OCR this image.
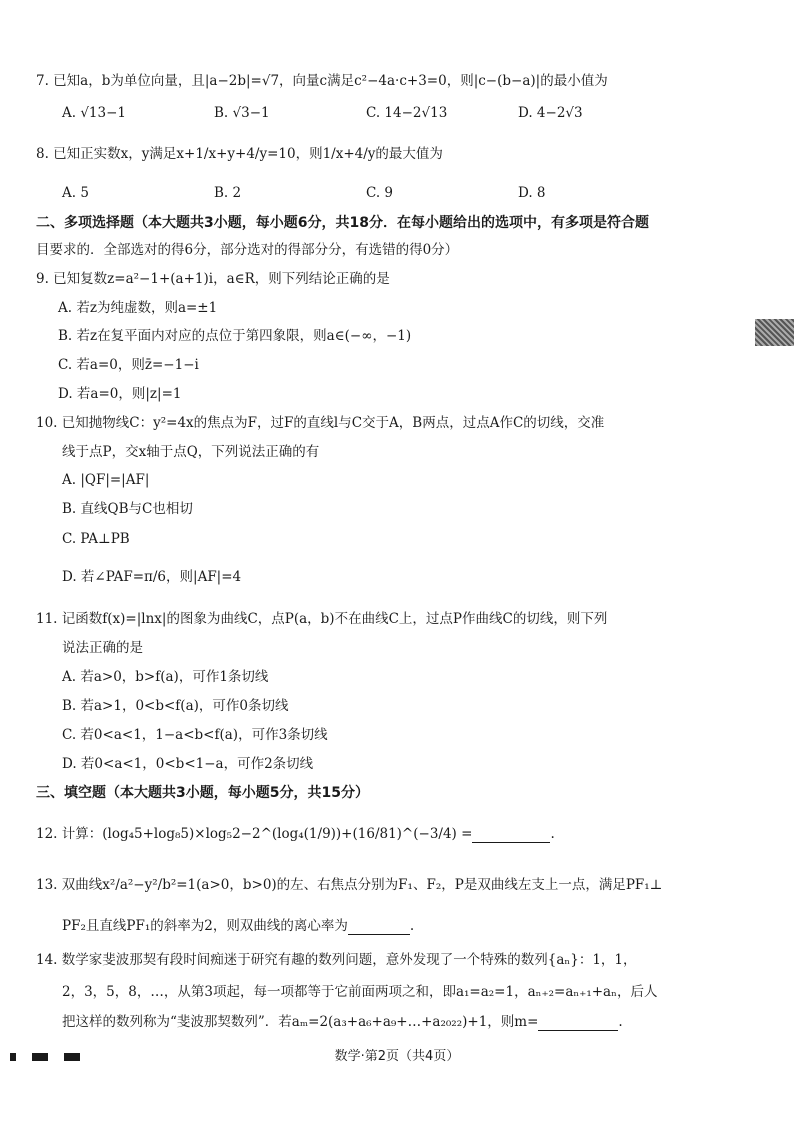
7. 已知a，b为单位向量，且|a−2b|=√7，向量c满足c²−4a·c+3=0，则|c−(b−a)|的最小值为
A. √13−1	B. √3−1	C. 14−2√13	D. 4−2√3
8. 已知正实数x，y满足x+1/x+y+4/y=10，则1/x+4/y的最大值为
A. 5	B. 2	C. 9	D. 8
二、多项选择题（本大题共3小题，每小题6分，共18分．在每小题给出的选项中，有多项是符合题
目要求的．全部选对的得6分，部分选对的得部分分，有选错的得0分）
9. 已知复数z=a²−1+(a+1)i，a∈R，则下列结论正确的是
A. 若z为纯虚数，则a=±1
B. 若z在复平面内对应的点位于第四象限，则a∈(−∞，−1)
C. 若a=0，则z̄=−1−i
D. 若a=0，则|z|=1
10. 已知抛物线C：y²=4x的焦点为F，过F的直线l与C交于A，B两点，过点A作C的切线，交准
线于点P，交x轴于点Q，下列说法正确的有
A. |QF|=|AF|
B. 直线QB与C也相切
C. PA⊥PB
D. 若∠PAF=π/6，则|AF|=4
11. 记函数f(x)=|lnx|的图象为曲线C，点P(a，b)不在曲线C上，过点P作曲线C的切线，则下列
说法正确的是
A. 若a>0，b>f(a)，可作1条切线
B. 若a>1，0<b<f(a)，可作0条切线
C. 若0<a<1，1−a<b<f(a)，可作3条切线
D. 若0<a<1，0<b<1−a，可作2条切线
三、填空题（本大题共3小题，每小题5分，共15分）
12. 计算：(log₄5+log₈5)×log₅2−2^(log₄(1/9))+(16/81)^(−3/4) =	.
13. 双曲线x²/a²−y²/b²=1(a>0，b>0)的左、右焦点分别为F₁、F₂，P是双曲线左支上一点，满足PF₁⊥
PF₂且直线PF₁的斜率为2，则双曲线的离心率为	.
14. 数学家斐波那契有段时间痴迷于研究有趣的数列问题，意外发现了一个特殊的数列{aₙ}：1，1，
2，3，5，8，…，从第3项起，每一项都等于它前面两项之和，即a₁=a₂=1，aₙ₊₂=aₙ₊₁+aₙ，后人
把这样的数列称为“斐波那契数列”．若aₘ=2(a₃+a₆+a₉+…+a₂₀₂₂)+1，则m=	.
数学·第2页（共4页）
